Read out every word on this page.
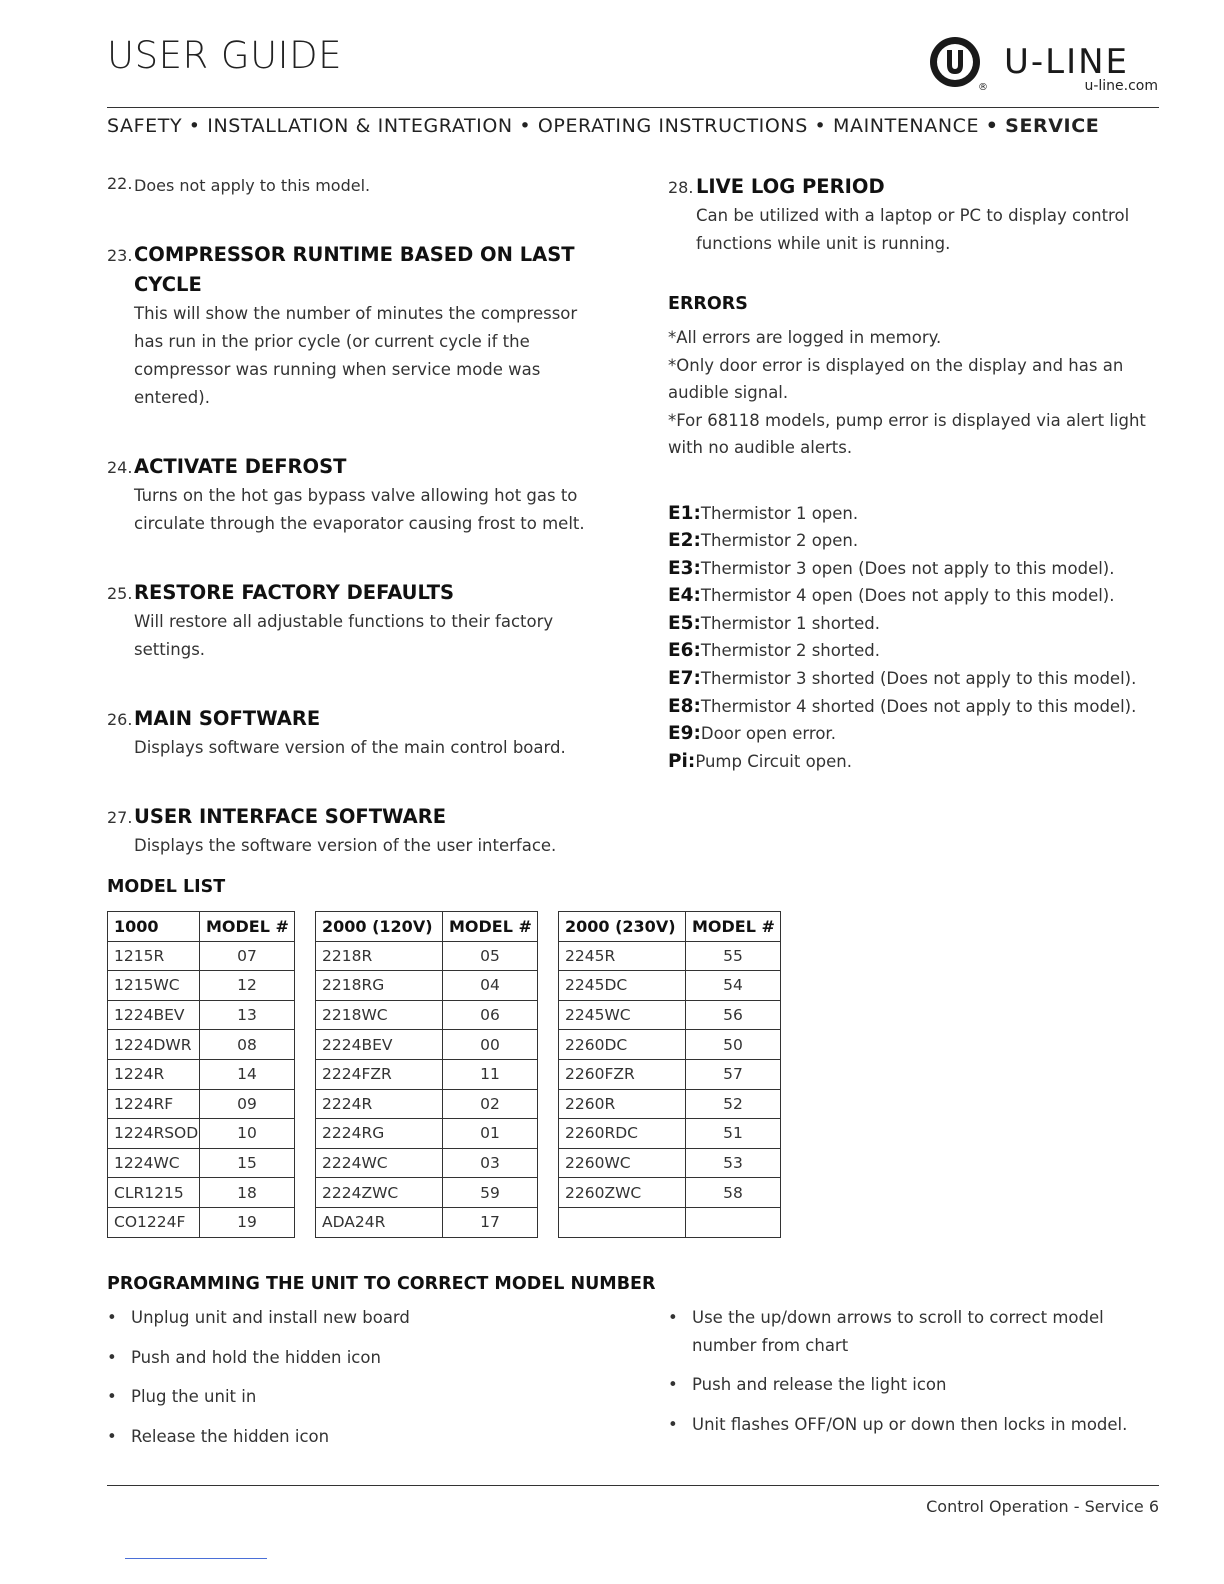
USER GUIDE
®
U-LINE
u-line.com
SAFETY • INSTALLATION & INTEGRATION • OPERATING INSTRUCTIONS • MAINTENANCE • SERVICE
22. Does not apply to this model.
23. COMPRESSOR RUNTIME BASED ON LAST CYCLE
This will show the number of minutes the compressor has run in the prior cycle (or current cycle if the compressor was running when service mode was entered).
24. ACTIVATE DEFROST
Turns on the hot gas bypass valve allowing hot gas to circulate through the evaporator causing frost to melt.
25. RESTORE FACTORY DEFAULTS
Will restore all adjustable functions to their factory settings.
26. MAIN SOFTWARE
Displays software version of the main control board.
27. USER INTERFACE SOFTWARE
Displays the software version of the user interface.
28. LIVE LOG PERIOD
Can be utilized with a laptop or PC to display control functions while unit is running.
ERRORS
*All errors are logged in memory.
*Only door error is displayed on the display and has an audible signal.
*For 68118 models, pump error is displayed via alert light with no audible alerts.
E1:Thermistor 1 open.
E2:Thermistor 2 open.
E3:Thermistor 3 open (Does not apply to this model).
E4:Thermistor 4 open (Does not apply to this model).
E5:Thermistor 1 shorted.
E6:Thermistor 2 shorted.
E7:Thermistor 3 shorted (Does not apply to this model).
E8:Thermistor 4 shorted (Does not apply to this model).
E9:Door open error.
Pi:Pump Circuit open.
MODEL LIST
1000	MODEL #		2000 (120V)	MODEL #		2000 (230V)	MODEL #
1215R	07		2218R	05		2245R	55
1215WC	12		2218RG	04		2245DC	54
1224BEV	13		2218WC	06		2245WC	56
1224DWR	08		2224BEV	00		2260DC	50
1224R	14		2224FZR	11		2260FZR	57
1224RF	09		2224R	02		2260R	52
1224RSOD	10		2224RG	01		2260RDC	51
1224WC	15		2224WC	03		2260WC	53
CLR1215	18		2224ZWC	59		2260ZWC	58
CO1224F	19		ADA24R	17			
PROGRAMMING THE UNIT TO CORRECT MODEL NUMBER
• Unplug unit and install new board
• Push and hold the hidden icon
• Plug the unit in
• Release the hidden icon
• Use the up/down arrows to scroll to correct model number from chart
• Push and release the light icon
• Unit flashes OFF/ON up or down then locks in model.
Control Operation - Service 6
